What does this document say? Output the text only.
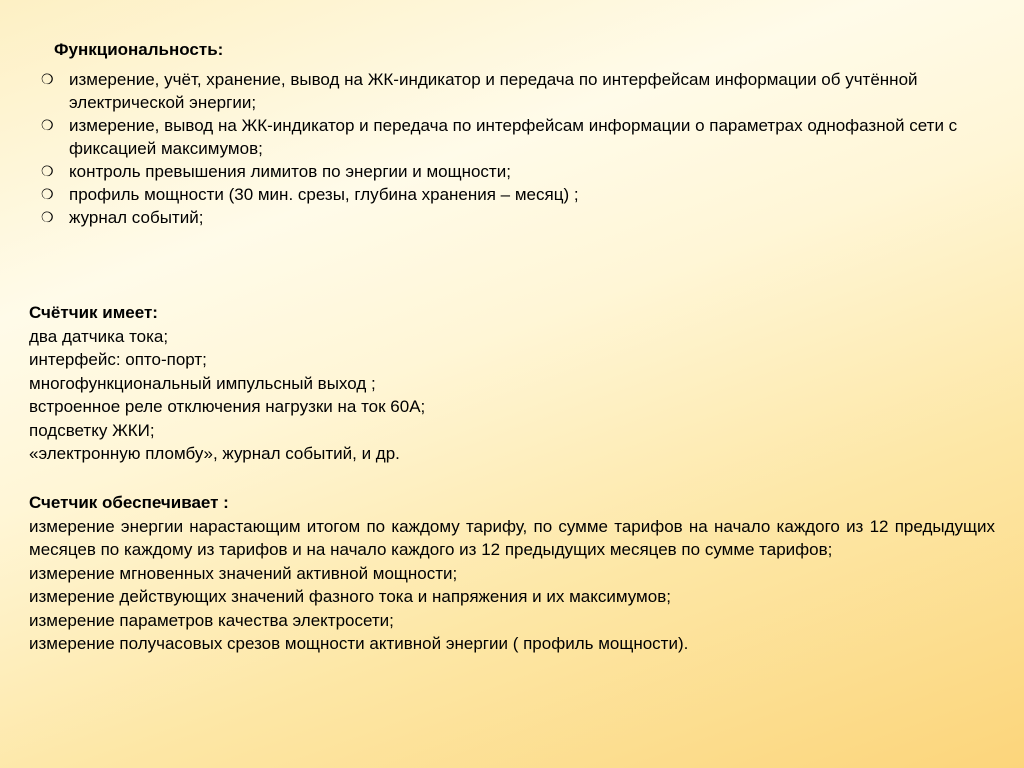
Функциональность:
❍ измерение, учёт, хранение, вывод на ЖК-индикатор и передача по интерфейсам информации об учтённой электрической энергии;
❍ измерение, вывод на ЖК-индикатор и передача по интерфейсам информации о параметрах однофазной сети с фиксацией максимумов;
❍ контроль превышения лимитов по энергии и мощности;
❍ профиль мощности (30 мин. срезы, глубина хранения – месяц) ;
❍ журнал событий;
Счётчик имеет:
два датчика тока;
интерфейс: опто-порт;
многофункциональный импульсный выход ;
встроенное реле отключения нагрузки на ток 60А;
подсветку ЖКИ;
«электронную пломбу», журнал событий, и др.
Счетчик обеспечивает :
измерение энергии нарастающим итогом по каждому тарифу, по сумме тарифов на начало каждого из 12 предыдущих месяцев по каждому из тарифов и на начало каждого из 12 предыдущих месяцев по сумме тарифов;
измерение мгновенных значений активной мощности;
измерение действующих значений фазного тока и напряжения и их максимумов;
измерение параметров качества электросети;
измерение получасовых срезов мощности активной энергии ( профиль мощности).
